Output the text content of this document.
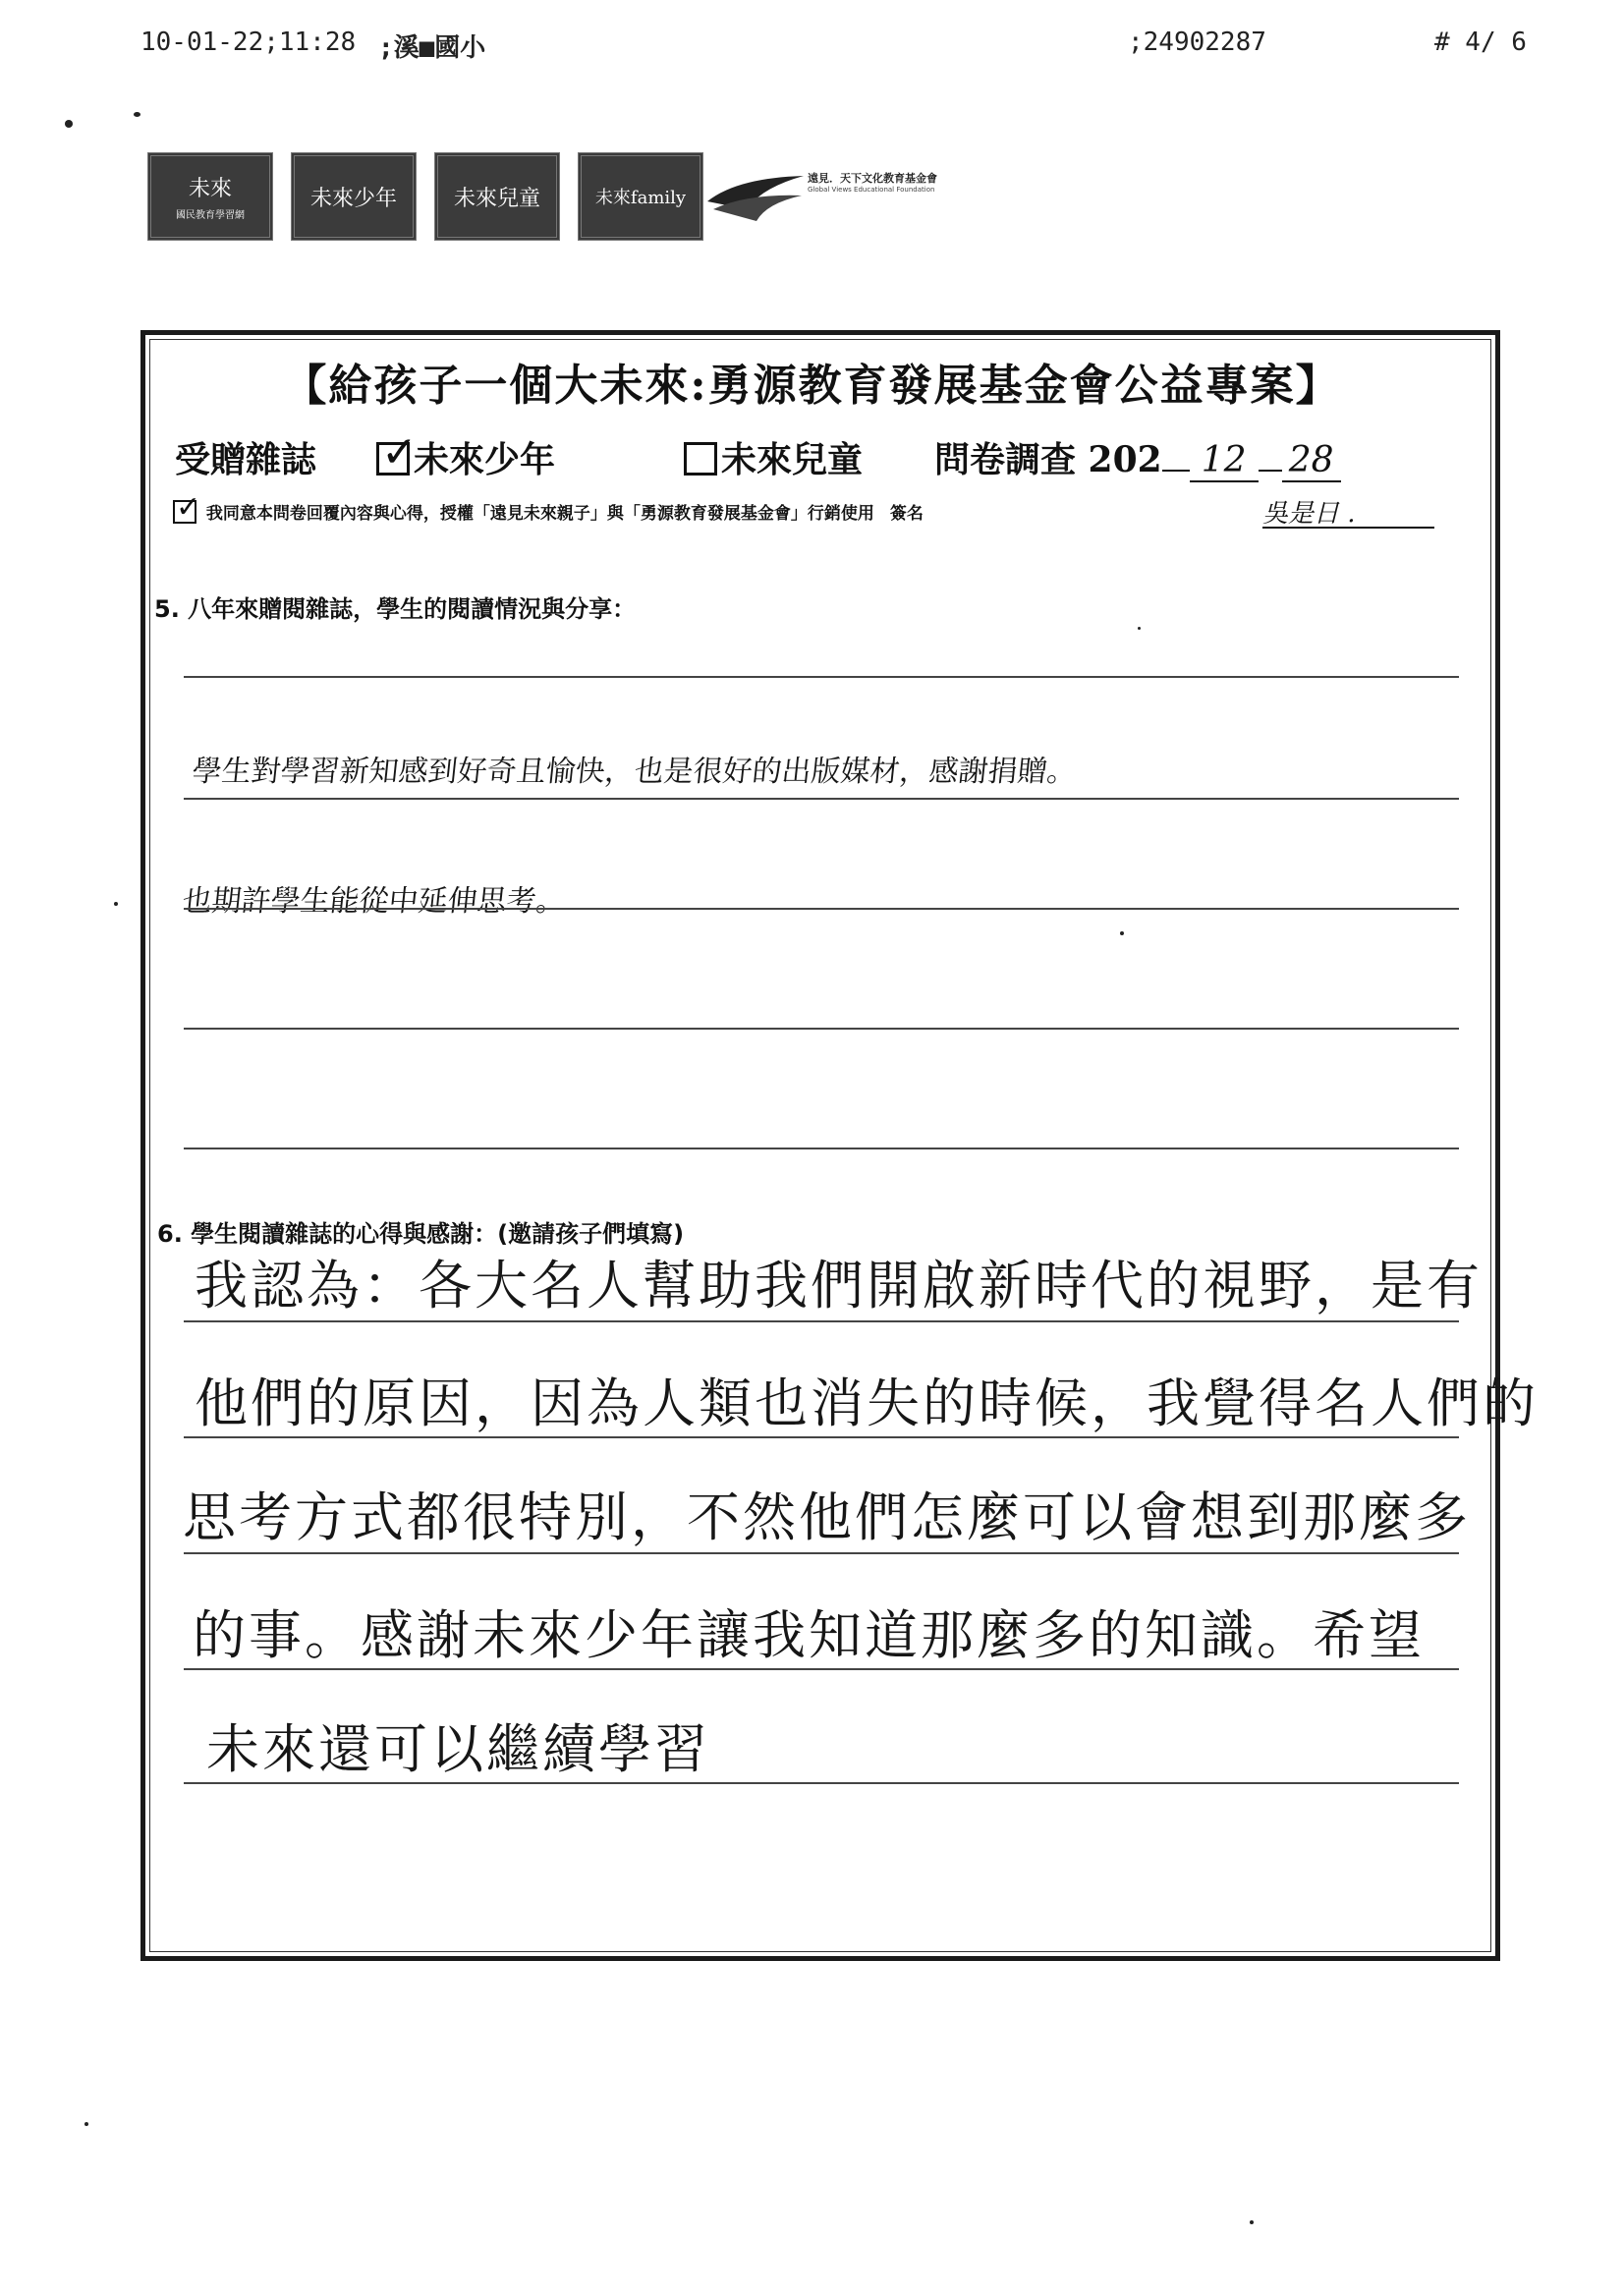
10-01-22;11:28 ;溪■國小	;24902287	# 4/ 6
未來
國民教育學習網
未來少年	未來兒童	未來family
遠見．天下文化教育基金會
Global Views Educational Foundation
【給孩子一個大未來:勇源教育發展基金會公益專案】
受贈雜誌
✓	未來少年	未來兒童 問卷調查 202 12 28
✓ 我同意本問卷回覆內容與心得，授權「遠見未來親子」與「勇源教育發展基金會」行銷使用 簽名	吳是日 .
5. 八年來贈閱雜誌，學生的閱讀情況與分享：
學生對學習新知感到好奇且愉快，也是很好的出版媒材，感謝捐贈。
也期許學生能從中延伸思考。
6. 學生閱讀雜誌的心得與感謝：(邀請孩子們填寫)
我認為：各大名人幫助我們開啟新時代的視野，是有
他們的原因，因為人類也消失的時候，我覺得名人們的
思考方式都很特別，不然他們怎麼可以會想到那麼多
的事。感謝未來少年讓我知道那麼多的知識。希望
未來還可以繼續學習
